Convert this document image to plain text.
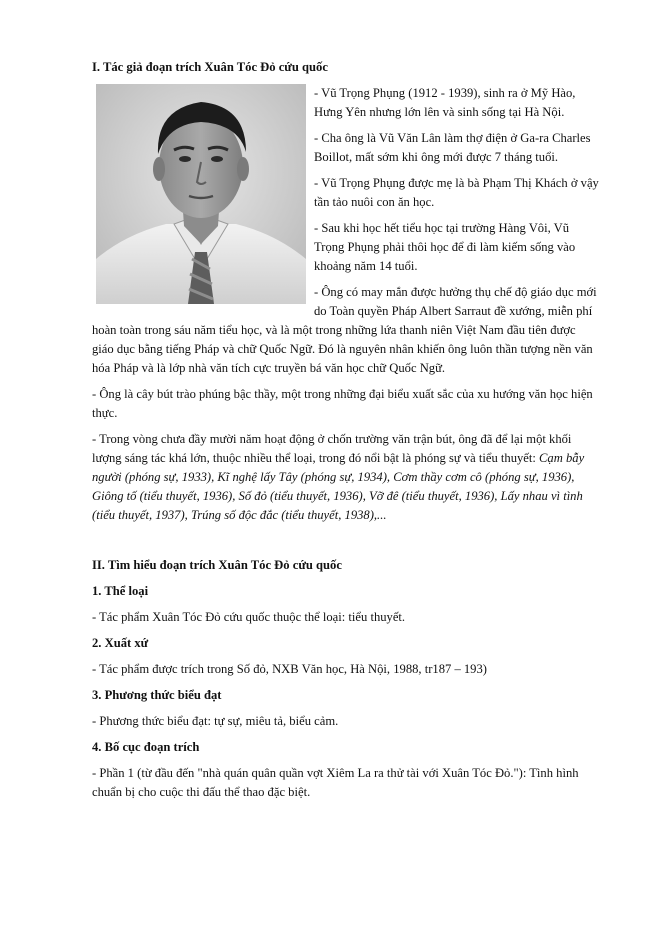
I. Tác giả đoạn trích Xuân Tóc Đỏ cứu quốc

- Vũ Trọng Phụng (1912 - 1939), sinh ra ở Mỹ Hào, Hưng Yên nhưng lớn lên và sinh sống tại Hà Nội.

- Cha ông là Vũ Văn Lân làm thợ điện ở Ga-ra Charles Boillot, mất sớm khi ông mới được 7 tháng tuổi.

- Vũ Trọng Phụng được mẹ là bà Phạm Thị Khách ở vậy tần tảo nuôi con ăn học.

- Sau khi học hết tiểu học tại trường Hàng Vôi, Vũ Trọng Phụng phải thôi học để đi làm kiếm sống vào khoảng năm 14 tuổi.

- Ông có may mắn được hưởng thụ chế độ giáo dục mới do Toàn quyền Pháp Albert Sarraut đề xướng, miễn phí hoàn toàn trong sáu năm tiểu học, và là một trong những lứa thanh niên Việt Nam đầu tiên được giáo dục bằng tiếng Pháp và chữ Quốc Ngữ. Đó là nguyên nhân khiến ông luôn thần tượng nền văn hóa Pháp và là lớp nhà văn tích cực truyền bá văn học chữ Quốc Ngữ.

- Ông là cây bút trào phúng bậc thầy, một trong những đại biểu xuất sắc của xu hướng văn học hiện thực.

- Trong vòng chưa đầy mười năm hoạt động ở chốn trường văn trận bút, ông đã để lại một khối lượng sáng tác khá lớn, thuộc nhiều thể loại, trong đó nổi bật là phóng sự và tiểu thuyết: Cạm bẫy người (phóng sự, 1933), Kĩ nghệ lấy Tây (phóng sự, 1934), Cơm thầy cơm cô (phóng sự, 1936), Giông tố (tiểu thuyết, 1936), Số đỏ (tiểu thuyết, 1936), Vỡ đê (tiểu thuyết, 1936), Lấy nhau vì tình (tiểu thuyết, 1937), Trúng số độc đắc (tiểu thuyết, 1938),...

II. Tìm hiểu đoạn trích Xuân Tóc Đỏ cứu quốc
1. Thể loại

- Tác phẩm Xuân Tóc Đỏ cứu quốc thuộc thể loại: tiểu thuyết.

2. Xuất xứ

- Tác phẩm được trích trong Số đỏ, NXB Văn học, Hà Nội, 1988, tr187 – 193)

3. Phương thức biểu đạt

- Phương thức biểu đạt: tự sự, miêu tả, biểu cảm.

4. Bố cục đoạn trích

- Phần 1 (từ đầu đến "nhà quán quân quần vợt Xiêm La ra thử tài với Xuân Tóc Đỏ."): Tình hình chuẩn bị cho cuộc thi đấu thể thao đặc biệt.
